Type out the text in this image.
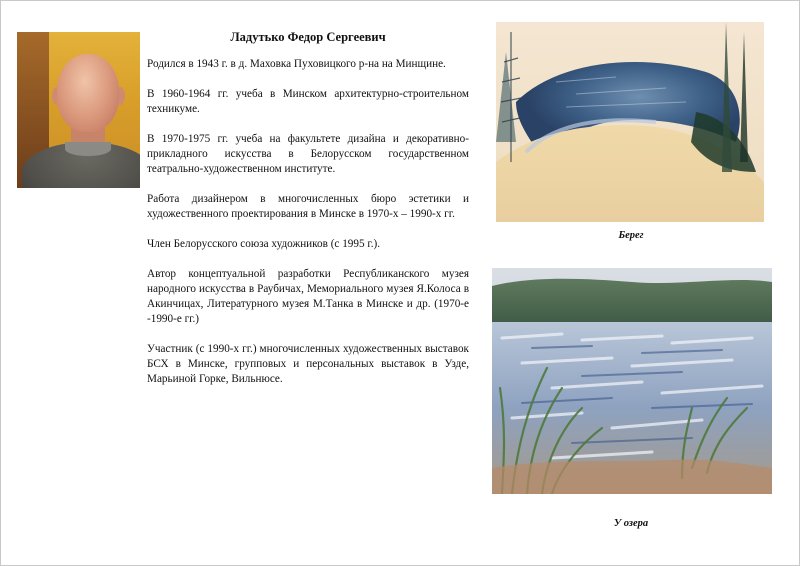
Ладутько Федор Сергеевич

Родился в 1943 г. в д. Маховка Пуховицкого р-на на Минщине.

В 1960-1964 гг. учеба в Минском архитектурно-строительном техникуме.

В 1970-1975 гг. учеба на факультете дизайна и декоративно-прикладного искусства в Белорусском государственном театрально-художественном институте.

Работа дизайнером в многочисленных бюро эстетики и художественного проектирования в Минске в 1970-х – 1990-х гг.

Член Белорусского союза художников (с 1995 г.).

Автор концептуальной разработки Республиканского музея народного искусства в Раубичах, Мемориального музея Я.Колоса в Акинчицах, Литературного музея М.Танка в Минске и др. (1970-е -1990-е гг.)

Участник (с 1990-х гг.) многочисленных художественных выставок БСХ в Минске, групповых и персональных выставок в Узде, Марьиной Горке, Вильнюсе.

Берег
У озера
